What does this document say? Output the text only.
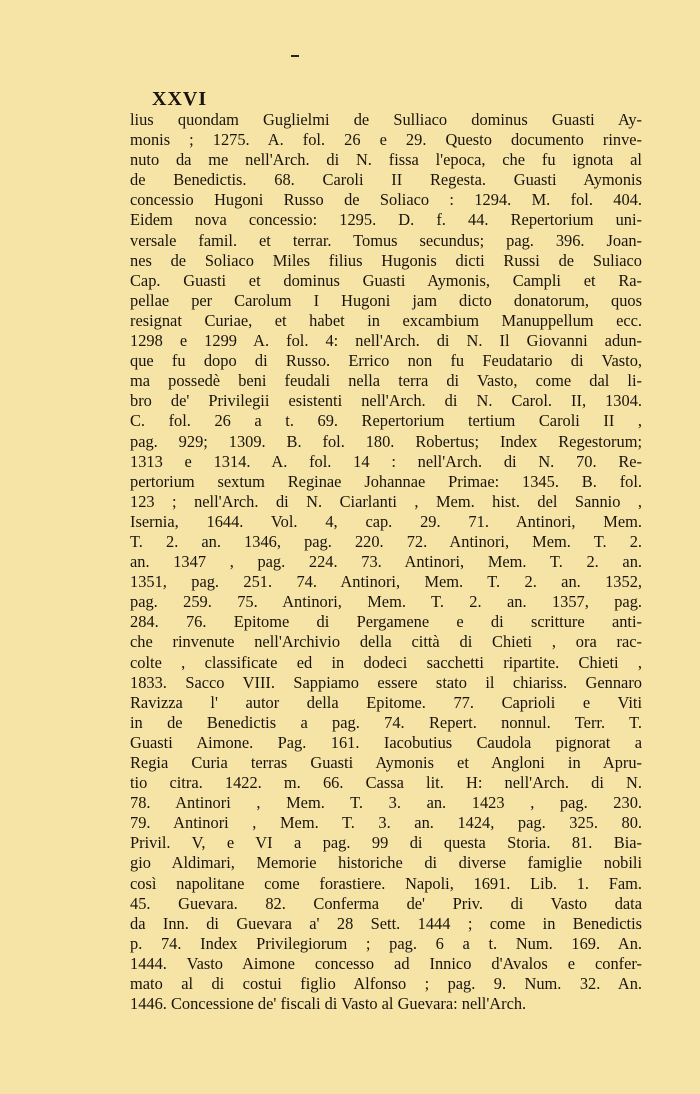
XXVI
lius quondam Guglielmi de Sulliaco dominus Guasti Ay-
monis ; 1275. A. fol. 26 e 29. Questo documento rinve-
nuto da me nell'Arch. di N. fissa l'epoca, che fu ignota al
de Benedictis. 68. Caroli II Regesta. Guasti Aymonis
concessio Hugoni Russo de Soliaco : 1294. M. fol. 404.
Eidem nova concessio: 1295. D. f. 44. Repertorium uni-
versale famil. et terrar. Tomus secundus; pag. 396. Joan-
nes de Soliaco Miles filius Hugonis dicti Russi de Suliaco
Cap. Guasti et dominus Guasti Aymonis, Campli et Ra-
pellae per Carolum I Hugoni jam dicto donatorum, quos
resignat Curiae, et habet in excambium Manuppellum ecc.
1298 e 1299 A. fol. 4: nell'Arch. di N. Il Giovanni adun-
que fu dopo di Russo. Errico non fu Feudatario di Vasto,
ma possedè beni feudali nella terra di Vasto, come dal li-
bro de' Privilegii esistenti nell'Arch. di N. Carol. II, 1304.
C. fol. 26 a t. 69. Repertorium tertium Caroli II ,
pag. 929; 1309. B. fol. 180. Robertus; Index Regestorum;
1313 e 1314. A. fol. 14 : nell'Arch. di N. 70. Re-
pertorium sextum Reginae Johannae Primae: 1345. B. fol.
123 ; nell'Arch. di N. Ciarlanti , Mem. hist. del Sannio ,
Isernia, 1644. Vol. 4, cap. 29. 71. Antinori, Mem.
T. 2. an. 1346, pag. 220. 72. Antinori, Mem. T. 2.
an. 1347 , pag. 224. 73. Antinori, Mem. T. 2. an.
1351, pag. 251. 74. Antinori, Mem. T. 2. an. 1352,
pag. 259. 75. Antinori, Mem. T. 2. an. 1357, pag.
284. 76. Epitome di Pergamene e di scritture anti-
che rinvenute nell'Archivio della città di Chieti , ora rac-
colte , classificate ed in dodeci sacchetti ripartite. Chieti ,
1833. Sacco VIII. Sappiamo essere stato il chiariss. Gennaro
Ravizza l' autor della Epitome. 77. Caprioli e Viti
in de Benedictis a pag. 74. Repert. nonnul. Terr. T.
Guasti Aimone. Pag. 161. Iacobutius Caudola pignorat a
Regia Curia terras Guasti Aymonis et Angloni in Apru-
tio citra. 1422. m. 66. Cassa lit. H: nell'Arch. di N.
78. Antinori , Mem. T. 3. an. 1423 , pag. 230.
79. Antinori , Mem. T. 3. an. 1424, pag. 325. 80.
Privil. V, e VI a pag. 99 di questa Storia. 81. Bia-
gio Aldimari, Memorie historiche di diverse famiglie nobili
così napolitane come forastiere. Napoli, 1691. Lib. 1. Fam.
45. Guevara. 82. Conferma de' Priv. di Vasto data
da Inn. di Guevara a' 28 Sett. 1444 ; come in Benedictis
p. 74. Index Privilegiorum ; pag. 6 a t. Num. 169. An.
1444. Vasto Aimone concesso ad Innico d'Avalos e confer-
mato al di costui figlio Alfonso ; pag. 9. Num. 32. An.
1446. Concessione de' fiscali di Vasto al Guevara: nell'Arch.
